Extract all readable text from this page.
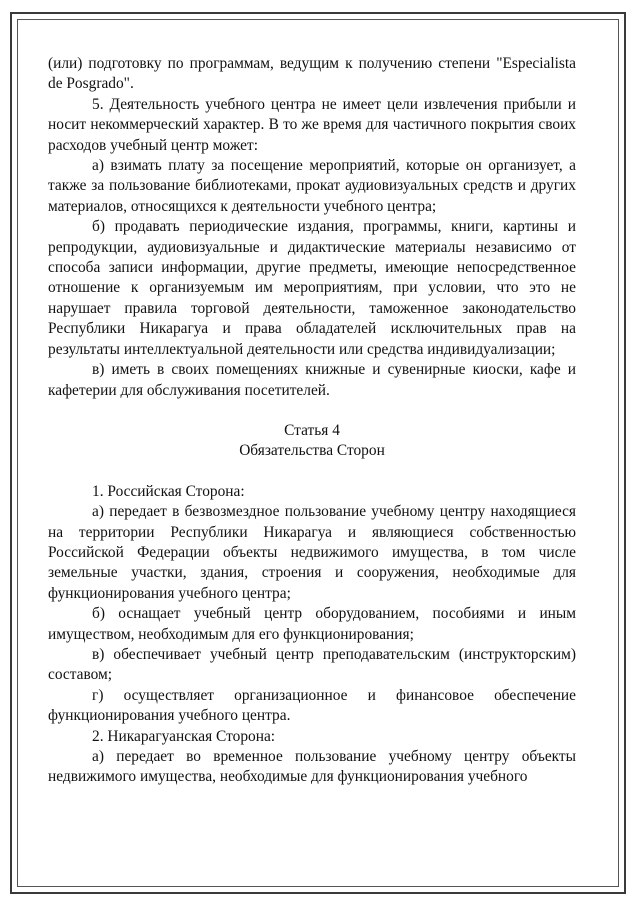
(или) подготовку по программам, ведущим к получению степени "Especialista de Posgrado".

5. Деятельность учебного центра не имеет цели извлечения прибыли и носит некоммерческий характер. В то же время для частичного покрытия своих расходов учебный центр может:

а) взимать плату за посещение мероприятий, которые он организует, а также за пользование библиотеками, прокат аудиовизуальных средств и других материалов, относящихся к деятельности учебного центра;

б) продавать периодические издания, программы, книги, картины и репродукции, аудиовизуальные и дидактические материалы независимо от способа записи информации, другие предметы, имеющие непосредственное отношение к организуемым им мероприятиям, при условии, что это не нарушает правила торговой деятельности, таможенное законодательство Республики Никарагуа и права обладателей исключительных прав на результаты интеллектуальной деятельности или средства индивидуализации;

в) иметь в своих помещениях книжные и сувенирные киоски, кафе и кафетерии для обслуживания посетителей.

Статья 4

Обязательства Сторон

1. Российская Сторона:

а) передает в безвозмездное пользование учебному центру находящиеся на территории Республики Никарагуа и являющиеся собственностью Российской Федерации объекты недвижимого имущества, в том числе земельные участки, здания, строения и сооружения, необходимые для функционирования учебного центра;

б) оснащает учебный центр оборудованием, пособиями и иным имуществом, необходимым для его функционирования;

в) обеспечивает учебный центр преподавательским (инструкторским) составом;

г) осуществляет организационное и финансовое обеспечение функционирования учебного центра.

2. Никарагуанская Сторона:

а) передает во временное пользование учебному центру объекты недвижимого имущества, необходимые для функционирования учебного
